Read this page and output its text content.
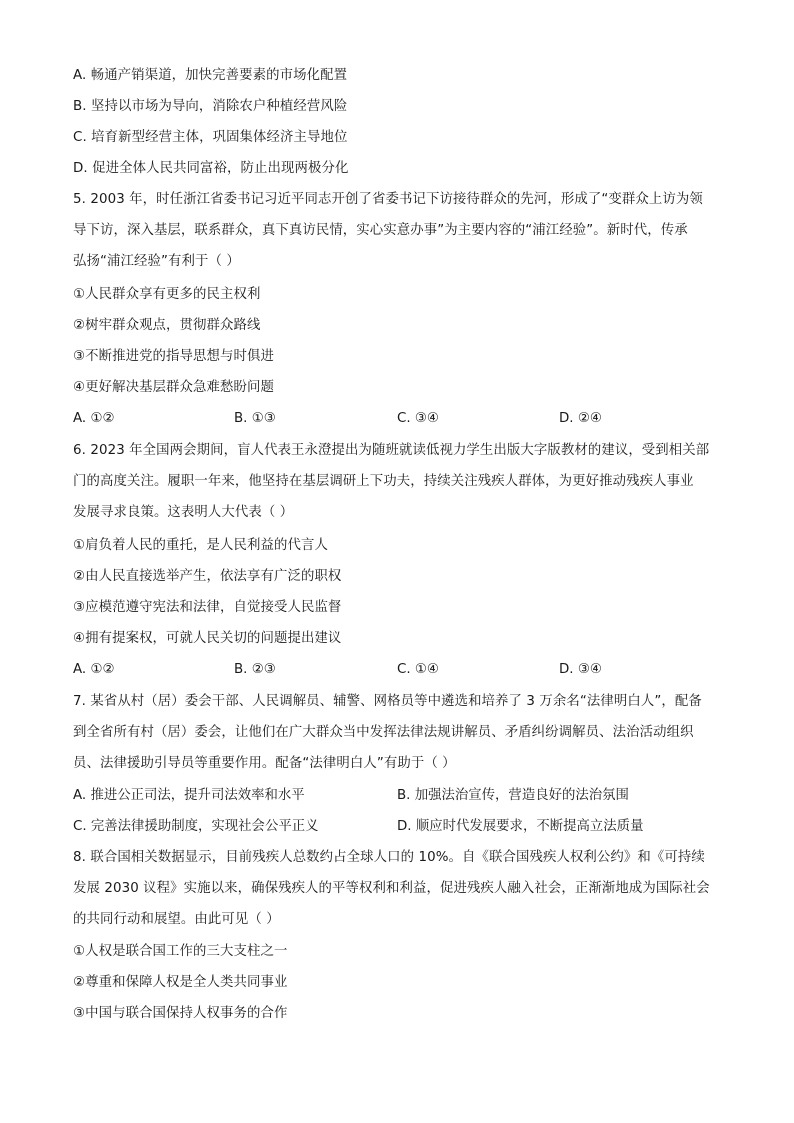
A. 畅通产销渠道，加快完善要素的市场化配置
B. 坚持以市场为导向，消除农户种植经营风险
C. 培育新型经营主体，巩固集体经济主导地位
D. 促进全体人民共同富裕，防止出现两极分化
5. 2003 年，时任浙江省委书记习近平同志开创了省委书记下访接待群众的先河，形成了“变群众上访为领
导下访，深入基层，联系群众，真下真访民情，实心实意办事”为主要内容的“浦江经验”。新时代，传承
弘扬“浦江经验”有利于（ ）
①人民群众享有更多的民主权利
②树牢群众观点，贯彻群众路线
③不断推进党的指导思想与时俱进
④更好解决基层群众急难愁盼问题
A. ①②	B. ①③	C. ③④	D. ②④
6. 2023 年全国两会期间，盲人代表王永澄提出为随班就读低视力学生出版大字版教材的建议，受到相关部
门的高度关注。履职一年来，他坚持在基层调研上下功夫，持续关注残疾人群体，为更好推动残疾人事业
发展寻求良策。这表明人大代表（ ）
①肩负着人民的重托，是人民利益的代言人
②由人民直接选举产生，依法享有广泛的职权
③应模范遵守宪法和法律，自觉接受人民监督
④拥有提案权，可就人民关切的问题提出建议
A. ①②	B. ②③	C. ①④	D. ③④
7. 某省从村（居）委会干部、人民调解员、辅警、网格员等中遴选和培养了 3 万余名“法律明白人”，配备
到全省所有村（居）委会，让他们在广大群众当中发挥法律法规讲解员、矛盾纠纷调解员、法治活动组织
员、法律援助引导员等重要作用。配备“法律明白人”有助于（ ）
A. 推进公正司法，提升司法效率和水平	B. 加强法治宣传，营造良好的法治氛围
C. 完善法律援助制度，实现社会公平正义	D. 顺应时代发展要求，不断提高立法质量
8. 联合国相关数据显示，目前残疾人总数约占全球人口的 10%。自《联合国残疾人权利公约》和《可持续
发展 2030 议程》实施以来，确保残疾人的平等权利和利益，促进残疾人融入社会，正渐渐地成为国际社会
的共同行动和展望。由此可见（ ）
①人权是联合国工作的三大支柱之一
②尊重和保障人权是全人类共同事业
③中国与联合国保持人权事务的合作
